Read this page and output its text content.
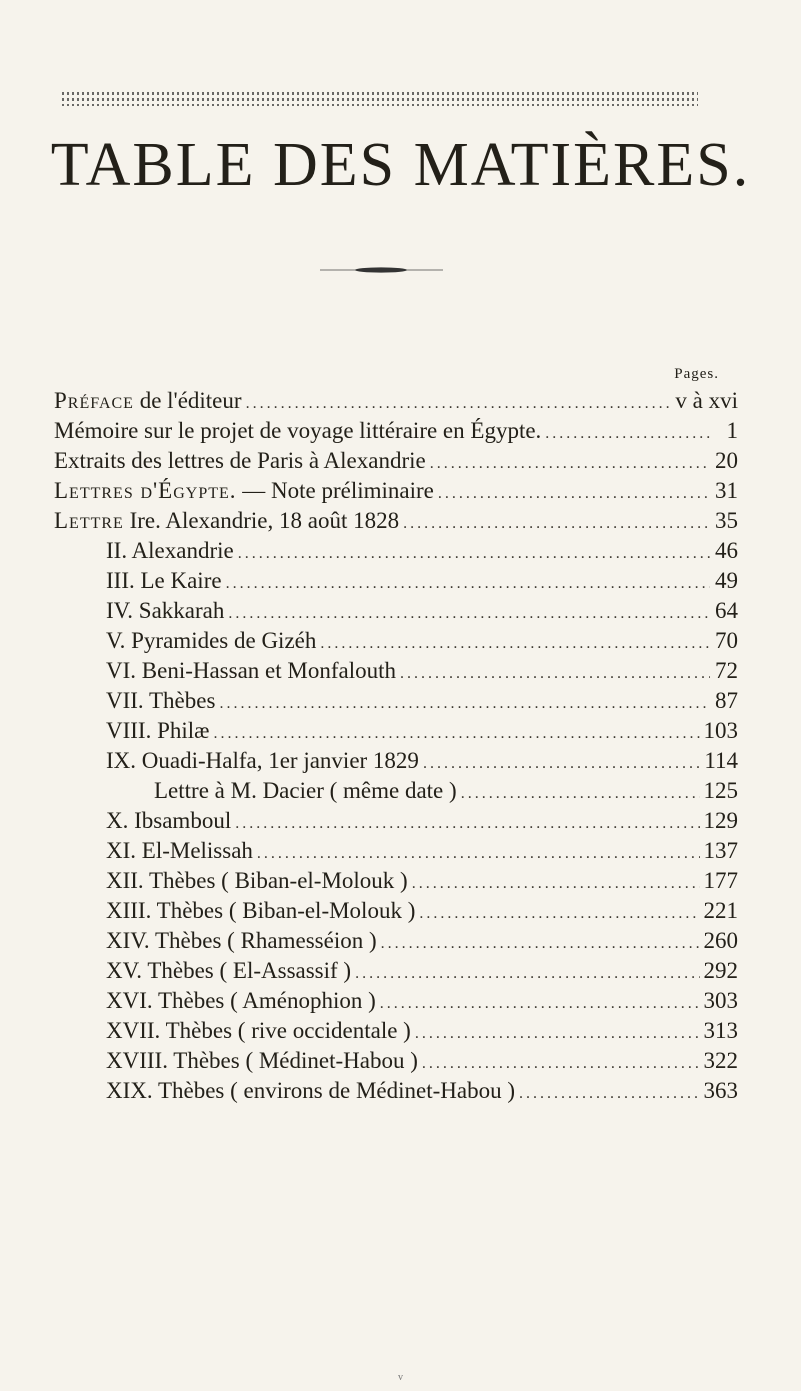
TABLE DES MATIÈRES.
Pages.
Préface de l'éditeur .....	v à xvi
Mémoire sur le projet de voyage littéraire en Égypte. .....	1
Extraits des lettres de Paris à Alexandrie .....	20
Lettres d'Égypte. — Note préliminaire .....	31
Lettre Ire. Alexandrie, 18 août 1828 .....	35
II. Alexandrie .....	46
III. Le Kaire .....	49
IV. Sakkarah .....	64
V. Pyramides de Gizéh .....	70
VI. Beni-Hassan et Monfalouth .....	72
VII. Thèbes .....	87
VIII. Philæ .....	103
IX. Ouadi-Halfa, 1er janvier 1829 .....	114
Lettre à M. Dacier ( même date ) .....	125
X. Ibsamboul .....	129
XI. El-Melissah .....	137
XII. Thèbes ( Biban-el-Molouk ) .....	177
XIII. Thèbes ( Biban-el-Molouk ) .....	221
XIV. Thèbes ( Rhamesséion ) .....	260
XV. Thèbes ( El-Assassif ) .....	292
XVI. Thèbes ( Aménophion ) .....	303
XVII. Thèbes ( rive occidentale ) .....	313
XVIII. Thèbes ( Médinet-Habou ) .....	322
XIX. Thèbes ( environs de Médinet-Habou ) .....	363
v
